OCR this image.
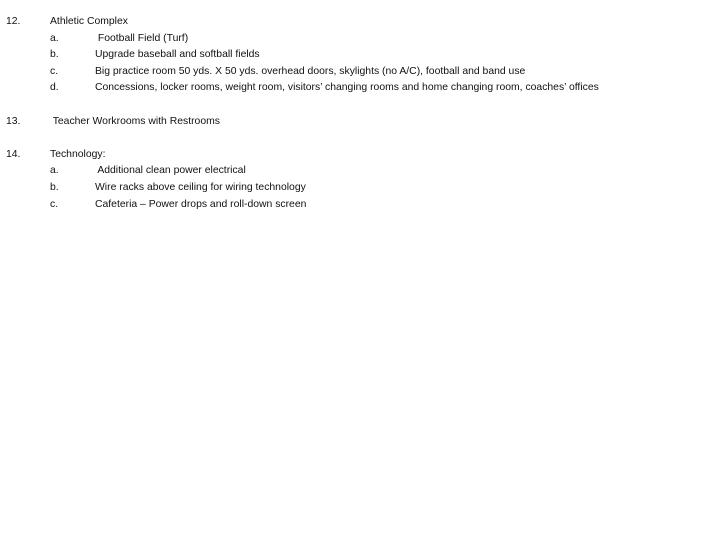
12.	Athletic Complex
a.	Football Field (Turf)
b.	Upgrade baseball and softball fields
c.	Big practice room 50 yds. X 50 yds. overhead doors, skylights (no A/C), football and band use
d.	Concessions, locker rooms, weight room, visitors’ changing rooms and home changing room, coaches’ offices
13.	Teacher Workrooms with Restrooms
14.	Technology:
a.	Additional clean power electrical
b.	Wire racks above ceiling for wiring technology
c.	Cafeteria – Power drops and roll-down screen
